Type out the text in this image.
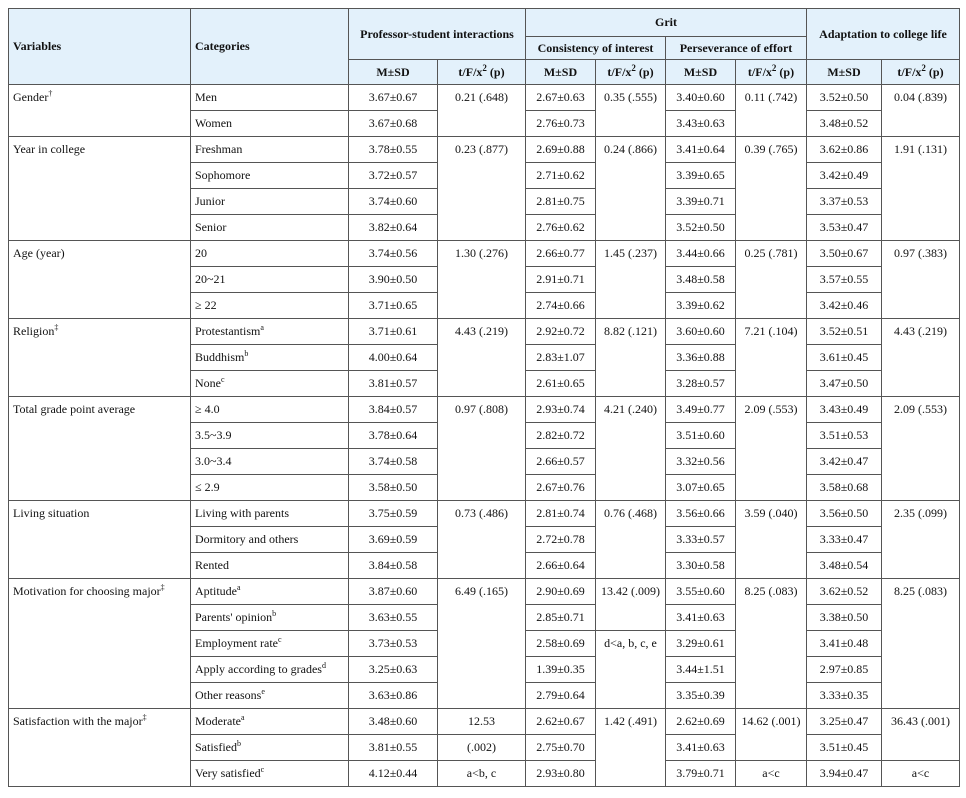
Variables	Categories	Professor-student interactions		Grit				Adaptation to college life	
				Consistency of interest		Perseverance of effort			
		M±SD	$t/F/x^2$ (p)	M±SD	$t/F/x^2$ (p)	M±SD	$t/F/x^2$ (p)	M±SD	$t/F/x^2$ (p)
Gender†	Men	3.67±0.67	0.21 (.648)	2.67±0.63	0.35 (.555)	3.40±0.60	0.11 (.742)	3.52±0.50	0.04 (.839)
	Women	3.67±0.68		2.76±0.73		3.43±0.63		3.48±0.52	
Year in college	Freshman	3.78±0.55	0.23 (.877)	2.69±0.88	0.24 (.866)	3.41±0.64	0.39 (.765)	3.62±0.86	1.91 (.131)
	Sophomore	3.72±0.57		2.71±0.62		3.39±0.65		3.42±0.49	
	Junior	3.74±0.60		2.81±0.75		3.39±0.71		3.37±0.53	
	Senior	3.82±0.64		2.76±0.62		3.52±0.50		3.53±0.47	
Age (year)	20	3.74±0.56	1.30 (.276)	2.66±0.77	1.45 (.237)	3.44±0.66	0.25 (.781)	3.50±0.67	0.97 (.383)
	20~21	3.90±0.50		2.91±0.71		3.48±0.58		3.57±0.55	
	≥ 22	3.71±0.65		2.74±0.66		3.39±0.62		3.42±0.46	
Religion‡	Protestantism$^a$	3.71±0.61	4.43 (.219)	2.92±0.72	8.82 (.121)	3.60±0.60	7.21 (.104)	3.52±0.51	4.43 (.219)
	Buddhism$^b$	4.00±0.64		2.83±1.07		3.36±0.88		3.61±0.45	
	None$^c$	3.81±0.57		2.61±0.65		3.28±0.57		3.47±0.50	
Total grade point average	≥ 4.0	3.84±0.57	0.97 (.808)	2.93±0.74	4.21 (.240)	3.49±0.77	2.09 (.553)	3.43±0.49	2.09 (.553)
	3.5~3.9	3.78±0.64		2.82±0.72		3.51±0.60		3.51±0.53	
	3.0~3.4	3.74±0.58		2.66±0.57		3.32±0.56		3.42±0.47	
	≤ 2.9	3.58±0.50		2.67±0.76		3.07±0.65		3.58±0.68	
Living situation	Living with parents	3.75±0.59	0.73 (.486)	2.81±0.74	0.76 (.468)	3.56±0.66	3.59 (.040)	3.56±0.50	2.35 (.099)
	Dormitory and others	3.69±0.59		2.72±0.78		3.33±0.57		3.33±0.47	
	Rented	3.84±0.58		2.66±0.64		3.30±0.58		3.48±0.54	
Motivation for choosing major‡	Aptitude$^a$	3.87±0.60	6.49 (.165)	2.90±0.69	13.42 (.009)	3.55±0.60	8.25 (.083)	3.62±0.52	8.25 (.083)
	Parents' opinion$^b$	3.63±0.55		2.85±0.71		3.41±0.63		3.38±0.50	
	Employment rate$^c$	3.73±0.53		2.58±0.69	d<a, b, c, e	3.29±0.61		3.41±0.48	
	Apply according to grades$^d$	3.25±0.63		1.39±0.35		3.44±1.51		2.97±0.85	
	Other reasons$^e$	3.63±0.86		2.79±0.64		3.35±0.39		3.33±0.35	
Satisfaction with the major‡	Moderate$^a$	3.48±0.60	12.53	2.62±0.67	1.42 (.491)	2.62±0.69	14.62 (.001)	3.25±0.47	36.43 (.001)
	Satisfied$^b$	3.81±0.55	(.002)	2.75±0.70		3.41±0.63		3.51±0.45	
	Very satisfied$^c$	4.12±0.44	a<b, c	2.93±0.80		3.79±0.71	a<c	3.94±0.47	a<c
